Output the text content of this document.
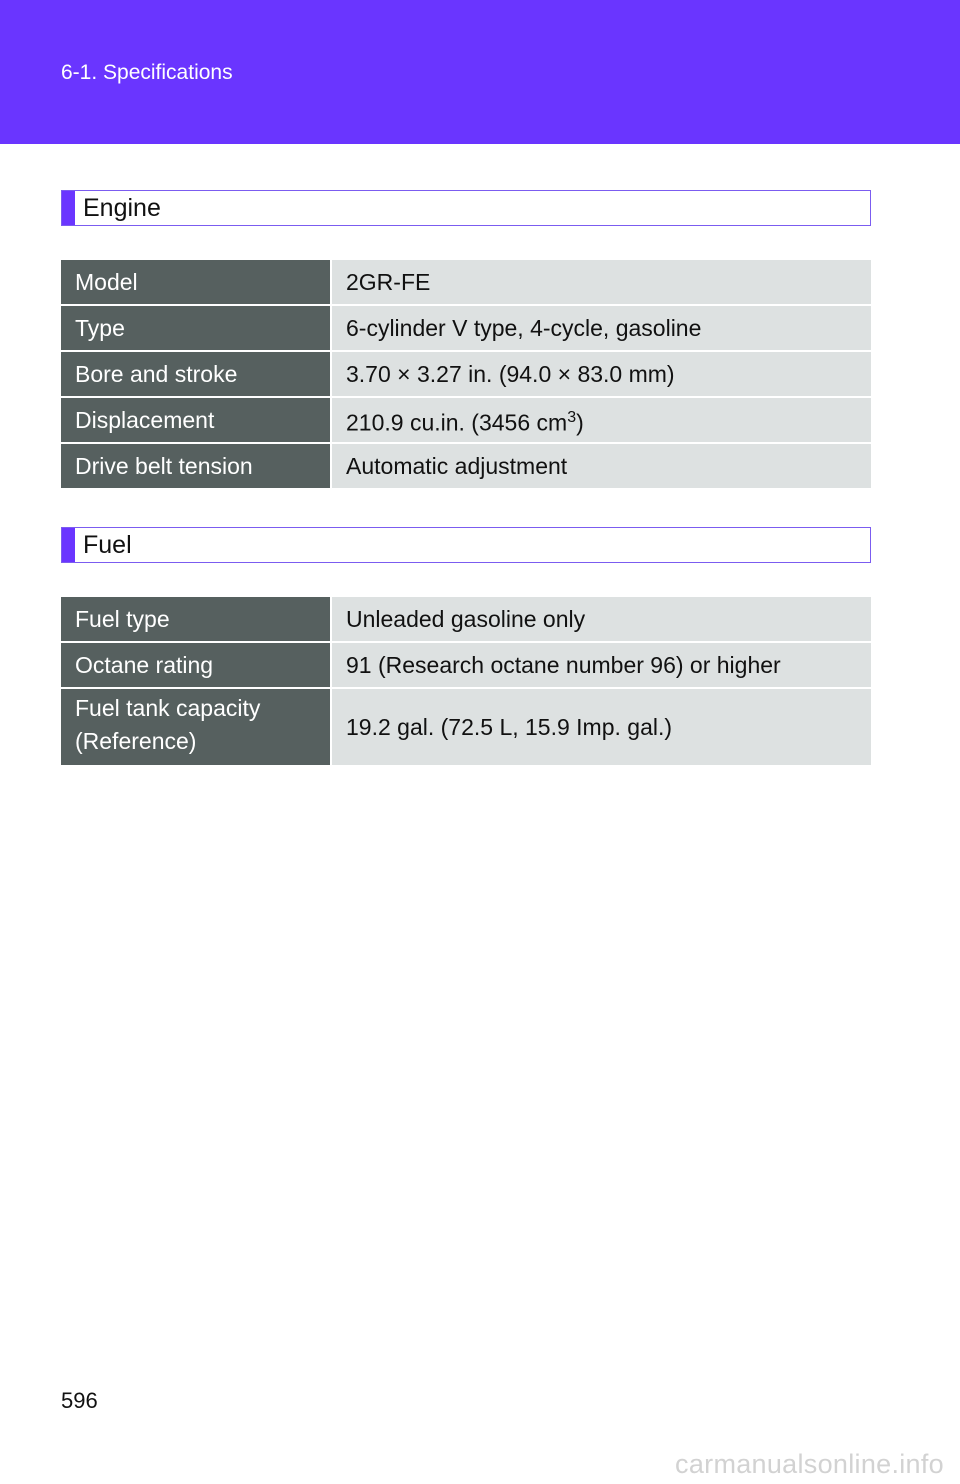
6-1. Specifications
Engine
Model	2GR-FE
Type	6-cylinder V type, 4-cycle, gasoline
Bore and stroke	3.70 × 3.27 in. (94.0 × 83.0 mm)
Displacement	210.9 cu.in. (3456 $cm^3$)
Drive belt tension	Automatic adjustment
Fuel
Fuel type	Unleaded gasoline only
Octane rating	91 (Research octane number 96) or higher

Fuel tank capacity
(Reference)	19.2 gal. (72.5 L, 15.9 Imp. gal.)
596
carmanualsonline.info
